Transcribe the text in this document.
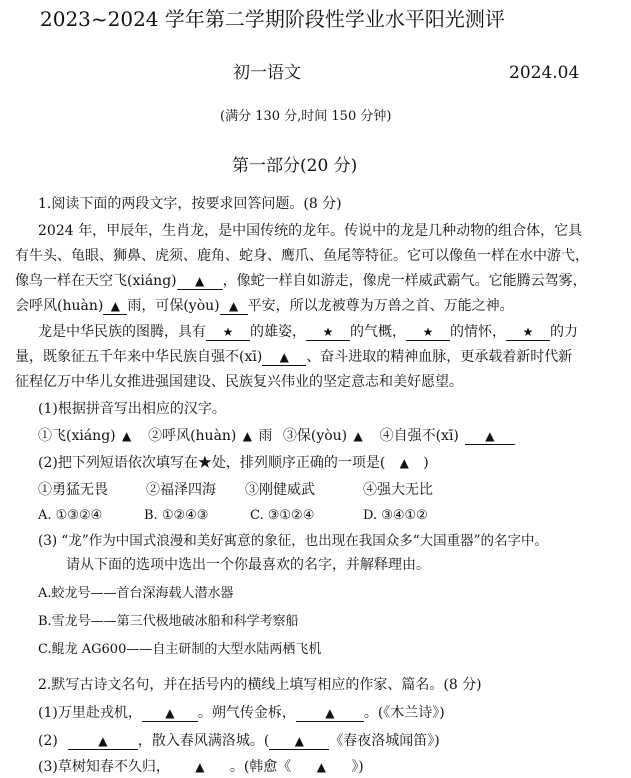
2023~2024 学年第二学期阶段性学业水平阳光测评
初一语文	2024.04
(满分 130 分,时间 150 分钟)
第一部分(20 分)
1.阅读下面的两段文字，按要求回答问题。(8 分)
2024 年，甲辰年，生肖龙，是中国传统的龙年。传说中的龙是几种动物的组合体，它具
有牛头、龟眼、狮鼻、虎须、鹿角、蛇身、鹰爪、鱼尾等特征。它可以像鱼一样在水中游弋，
像鸟一样在天空飞(xiáng) ▲ ，像蛇一样自如游走，像虎一样威武霸气。它能腾云驾雾，
会呼风(huàn) ▲ 雨，可保(yòu) ▲ 平安，所以龙被尊为万兽之首、万能之神。
龙是中华民族的图腾，具有 ★ 的雄姿， ★ 的气概， ★ 的情怀， ★ 的力
量，既象征五千年来中华民族自强不(xī) ▲ 、奋斗进取的精神血脉，更承载着新时代新
征程亿万中华儿女推进强国建设、民族复兴伟业的坚定意志和美好愿望。
(1)根据拼音写出相应的汉字。
①飞(xiáng) ▲ ②呼风(huàn) ▲ 雨 ③保(yòu) ▲ ④自强不(xī) ▲
(2)把下列短语依次填写在★处，排列顺序正确的一项是( ▲ )
①勇猛无畏	②福泽四海 ③刚健威武	④强大无比
A. ①③②④	B. ①②④③	C. ③①②④	D. ③④①②
(3) “龙”作为中国式浪漫和美好寓意的象征，也出现在我国众多“大国重器”的名字中。
请从下面的选项中选出一个你最喜欢的名字，并解释理由。
A.蛟龙号——首台深海载人潜水器
B.雪龙号——第三代极地破冰船和科学考察船
C.鲲龙 AG600——自主研制的大型水陆两栖飞机
2.默写古诗文名句，并在括号内的横线上填写相应的作家、篇名。(8 分)
(1)万里赴戎机， ▲ 。朔气传金柝， ▲ 。(《木兰诗》)
(2)	▲ ，散入春风满洛城。( ▲ 《春夜洛城闻笛》)
(3)草树知春不久归， ▲ 。(韩愈《 ▲ 》)
